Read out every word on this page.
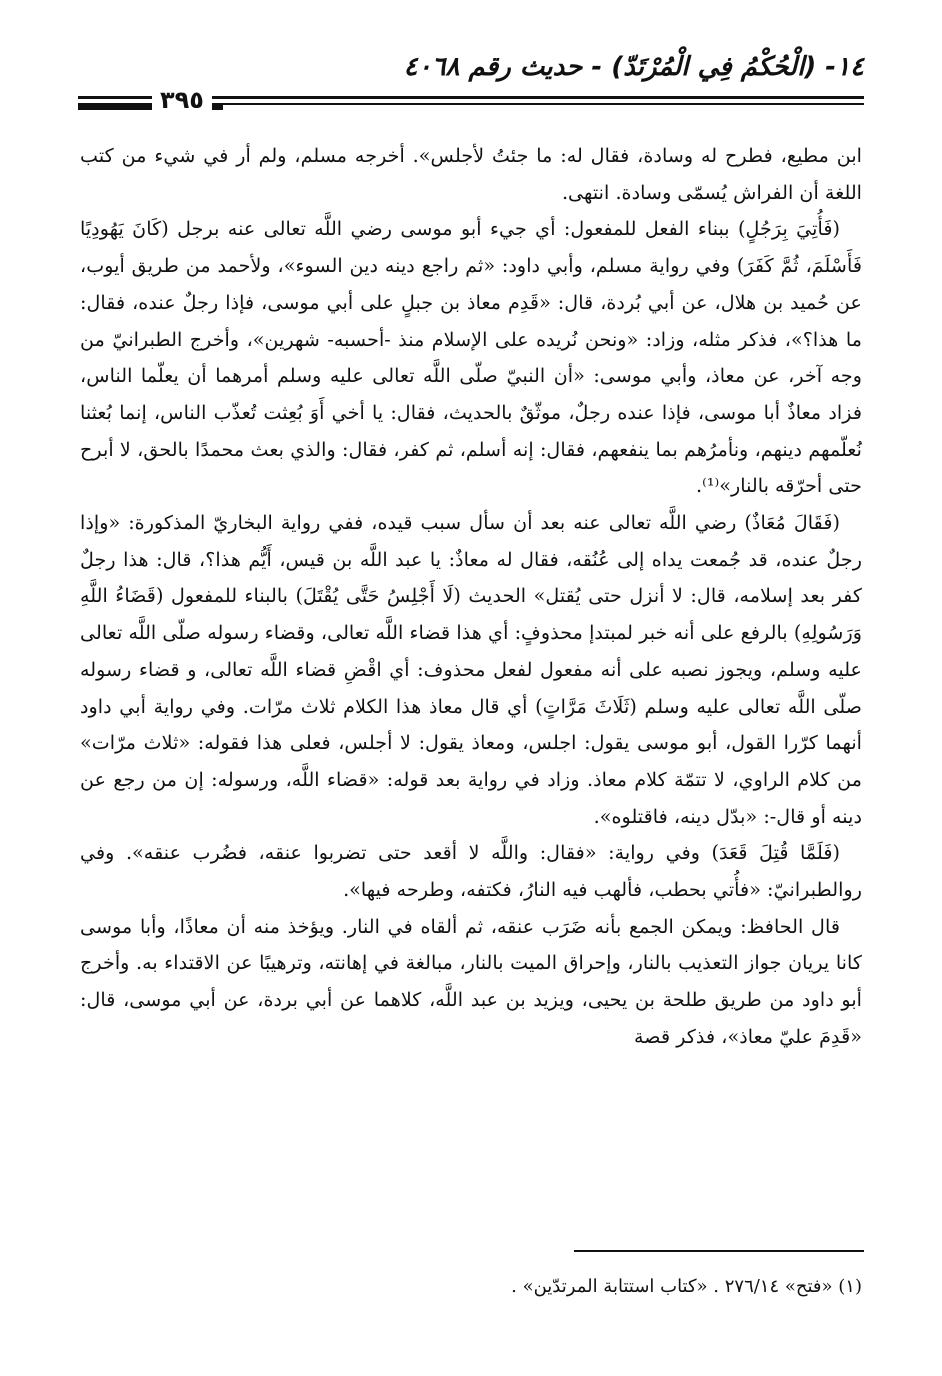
١٤- (الْحُكْمُ فِي الْمُرْتَدّ) - حديث رقم ٤٠٦٨
٣٩٥

ابن مطيع، فطرح له وسادة، فقال له: ما جئتُ لأجلس». أخرجه مسلم، ولم أر في شيء من كتب اللغة أن الفراش يُسمّى وسادة. انتهى.

(فَأُتِيَ بِرَجُلٍ) ببناء الفعل للمفعول: أي جيء أبو موسى رضي اللَّه تعالى عنه برجل (كَانَ يَهُودِيًا فَأَسْلَمَ، ثُمَّ كَفَرَ) وفي رواية مسلم، وأبي داود: «ثم راجع دينه دين السوء»، ولأحمد من طريق أيوب، عن حُميد بن هلال، عن أبي بُردة، قال: «قَدِم معاذ بن جبلٍ على أبي موسى، فإذا رجلٌ عنده، فقال: ما هذا؟»، فذكر مثله، وزاد: «ونحن نُريده على الإسلام منذ -أحسبه- شهرين»، وأخرج الطبرانيّ من وجه آخر، عن معاذ، وأبي موسى: «أن النبيّ صلّى اللَّه تعالى عليه وسلم أمرهما أن يعلّما الناس، فزاد معاذٌ أبا موسى، فإذا عنده رجلٌ، موثّقٌ بالحديث، فقال: يا أخي أَوَ بُعِثت تُعذّب الناس، إنما بُعثنا نُعلّمهم دينهم، ونأمرُهم بما ينفعهم، فقال: إنه أسلم، ثم كفر، فقال: والذي بعث محمدًا بالحق، لا أبرح حتى أحرّقه بالنار»⁽¹⁾.

(فَقَالَ مُعَاذٌ) رضي اللَّه تعالى عنه بعد أن سأل سبب قيده، ففي رواية البخاريّ المذكورة: «وإذا رجلٌ عنده، قد جُمعت يداه إلى عُنُقه، فقال له معاذٌ: يا عبد اللَّه بن قيس، أَيُّم هذا؟، قال: هذا رجلٌ كفر بعد إسلامه، قال: لا أنزل حتى يُقتل» الحديث (لَا أَجْلِسُ حَتَّى يُقْتَلَ) بالبناء للمفعول (قَضَاءُ اللَّهِ وَرَسُولِهِ) بالرفع على أنه خبر لمبتدإ محذوفٍ: أي هذا قضاء اللَّه تعالى، وقضاء رسوله صلّى اللَّه تعالى عليه وسلم، ويجوز نصبه على أنه مفعول لفعل محذوف: أي اقْضِ قضاء اللَّه تعالى، و قضاء رسوله صلّى اللَّه تعالى عليه وسلم (ثَلَاثَ مَرَّاتٍ) أي قال معاذ هذا الكلام ثلاث مرّات. وفي رواية أبي داود أنهما كرّرا القول، أبو موسى يقول: اجلس، ومعاذ يقول: لا أجلس، فعلى هذا فقوله: «ثلاث مرّات» من كلام الراوي، لا تتمّة كلام معاذ. وزاد في رواية بعد قوله: «قضاء اللَّه، ورسوله: إن من رجع عن دينه أو قال-: «بدّل دينه، فاقتلوه».

(فَلَمَّا قُتِلَ قَعَدَ) وفي رواية: «فقال: واللَّه لا أقعد حتى تضربوا عنقه، فضُرب عنقه». وفي روالطبرانيّ: «فأُتي بحطب، فألهب فيه النارُ، فكتفه، وطرحه فيها».

قال الحافظ: ويمكن الجمع بأنه ضَرَب عنقه، ثم ألقاه في النار. ويؤخذ منه أن معاذًا، وأبا موسى كانا يريان جواز التعذيب بالنار، وإحراق الميت بالنار، مبالغة في إهانته، وترهيبًا عن الاقتداء به. وأخرج أبو داود من طريق طلحة بن يحيى، ويزيد بن عبد اللَّه، كلاهما عن أبي بردة، عن أبي موسى، قال: «قَدِمَ عليّ معاذ»، فذكر قصة

(١) «فتح» ٢٧٦/١٤ . «كتاب استتابة المرتدّين» .
